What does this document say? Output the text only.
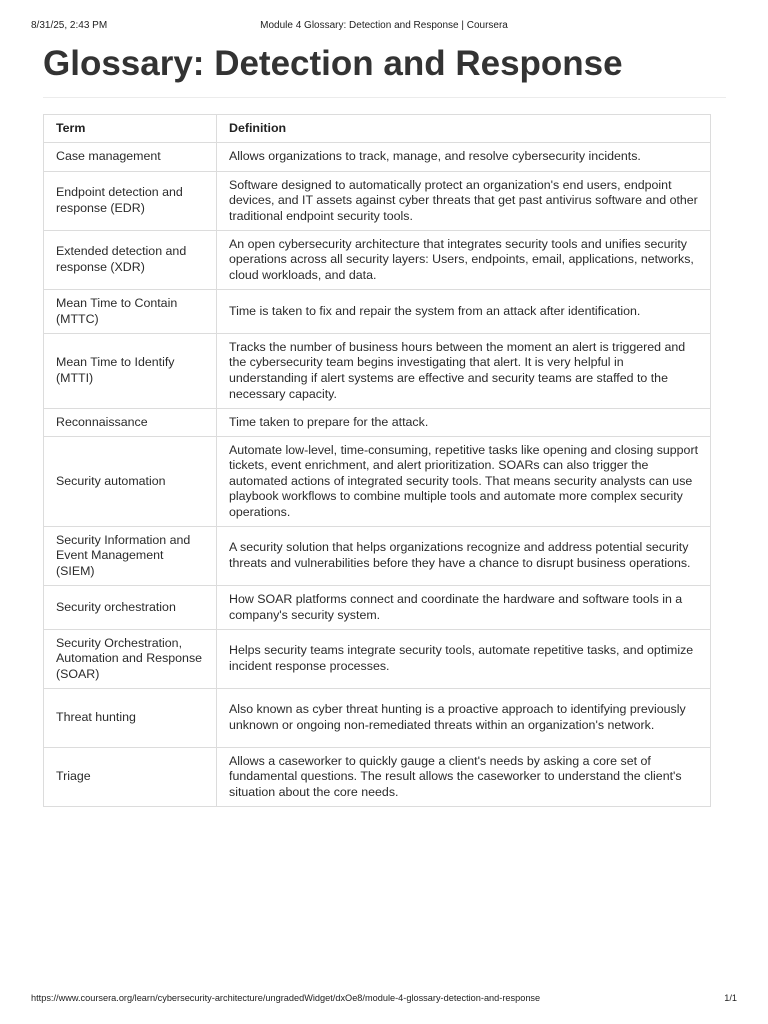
8/31/25, 2:43 PM	Module 4 Glossary: Detection and Response | Coursera
Glossary: Detection and Response
Term	Definition
Case management	Allows organizations to track, manage, and resolve cybersecurity incidents.
Endpoint detection and response (EDR)	Software designed to automatically protect an organization's end users, endpoint devices, and IT assets against cyber threats that get past antivirus software and other traditional endpoint security tools.
Extended detection and response (XDR)	An open cybersecurity architecture that integrates security tools and unifies security operations across all security layers: Users, endpoints, email, applications, networks, cloud workloads, and data.
Mean Time to Contain (MTTC)	Time is taken to fix and repair the system from an attack after identification.
Mean Time to Identify (MTTI)	Tracks the number of business hours between the moment an alert is triggered and the cybersecurity team begins investigating that alert. It is very helpful in understanding if alert systems are effective and security teams are staffed to the necessary capacity.
Reconnaissance	Time taken to prepare for the attack.
Security automation	Automate low-level, time-consuming, repetitive tasks like opening and closing support tickets, event enrichment, and alert prioritization. SOARs can also trigger the automated actions of integrated security tools. That means security analysts can use playbook workflows to combine multiple tools and automate more complex security operations.
Security Information and Event Management (SIEM)	A security solution that helps organizations recognize and address potential security threats and vulnerabilities before they have a chance to disrupt business operations.
Security orchestration	How SOAR platforms connect and coordinate the hardware and software tools in a company's security system.
Security Orchestration, Automation and Response (SOAR)	Helps security teams integrate security tools, automate repetitive tasks, and optimize incident response processes.
Threat hunting	Also known as cyber threat hunting is a proactive approach to identifying previously unknown or ongoing non-remediated threats within an organization's network.
Triage	Allows a caseworker to quickly gauge a client's needs by asking a core set of fundamental questions. The result allows the caseworker to understand the client's situation about the core needs.
https://www.coursera.org/learn/cybersecurity-architecture/ungradedWidget/dxOe8/module-4-glossary-detection-and-response	1/1
